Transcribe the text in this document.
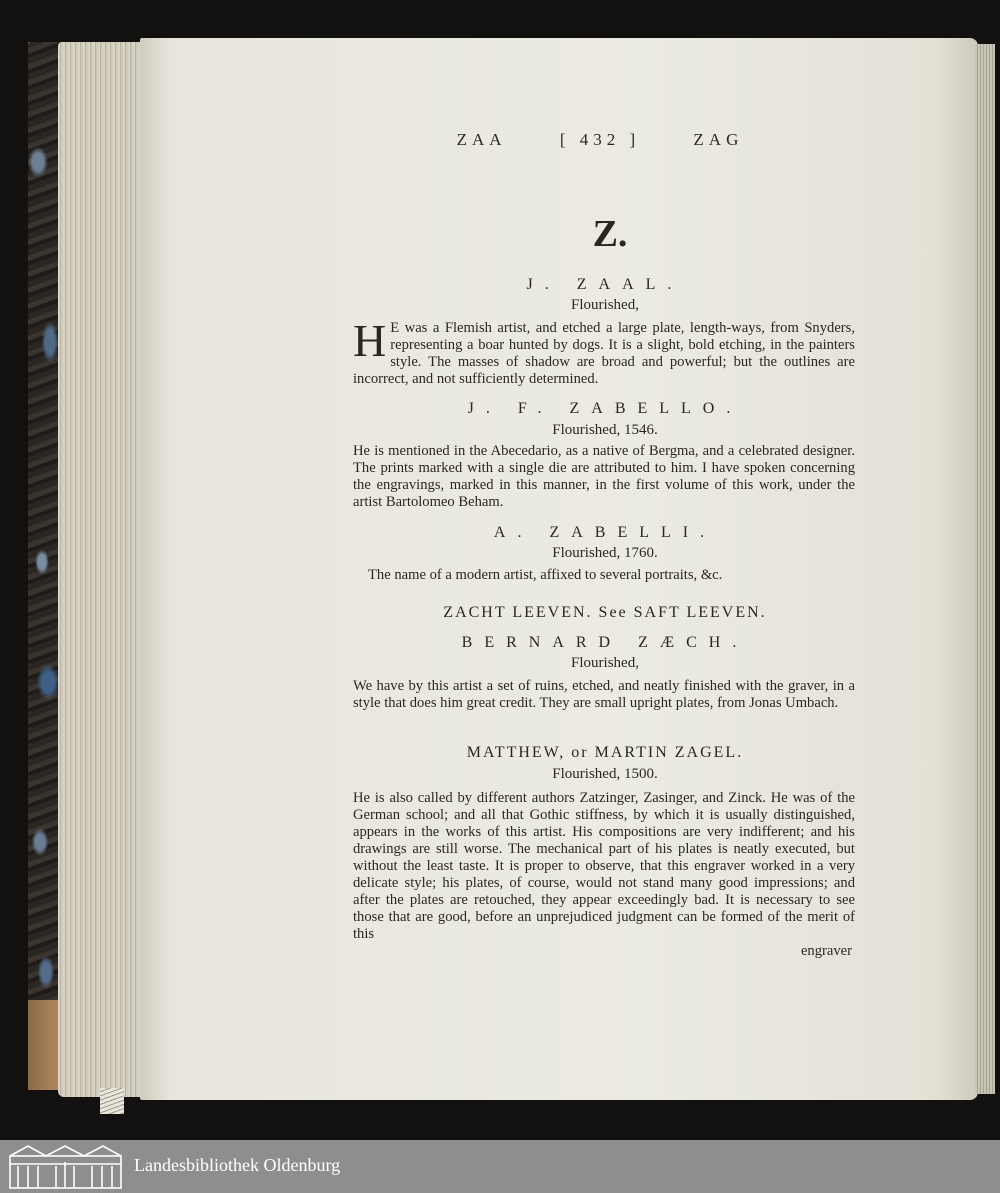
ZAA	[ 432 ]	ZAG
Z.
J. ZAAL.
Flourished,
H E was a Flemish artist, and etched a large plate, length-ways, from Snyders, representing a boar hunted by dogs. It is a slight, bold etching, in the painters style. The masses of shadow are broad and powerful; but the outlines are incorrect, and not sufficiently determined.
J. F. ZABELLO.
Flourished, 1546.
He is mentioned in the Abecedario, as a native of Bergma, and a celebrated designer. The prints marked with a single die are attributed to him. I have spoken concerning the engravings, marked in this manner, in the first volume of this work, under the artist Bartolomeo Beham.
A. ZABELLI.
Flourished, 1760.
The name of a modern artist, affixed to several portraits, &c.
ZACHT LEEVEN. See SAFT LEEVEN.
BERNARD ZÆCH.
Flourished,
We have by this artist a set of ruins, etched, and neatly finished with the graver, in a style that does him great credit. They are small upright plates, from Jonas Umbach.
MATTHEW, or MARTIN ZAGEL.
Flourished, 1500.
He is also called by different authors Zatzinger, Zasinger, and Zinck. He was of the German school; and all that Gothic stiffness, by which it is usually distinguished, appears in the works of this artist. His compositions are very indifferent; and his drawings are still worse. The mechanical part of his plates is neatly executed, but without the least taste. It is proper to observe, that this engraver worked in a very delicate style; his plates, of course, would not stand many good impressions; and after the plates are retouched, they appear exceedingly bad. It is necessary to see those that are good, before an unprejudiced judgment can be formed of the merit of this
engraver
Landesbibliothek Oldenburg
